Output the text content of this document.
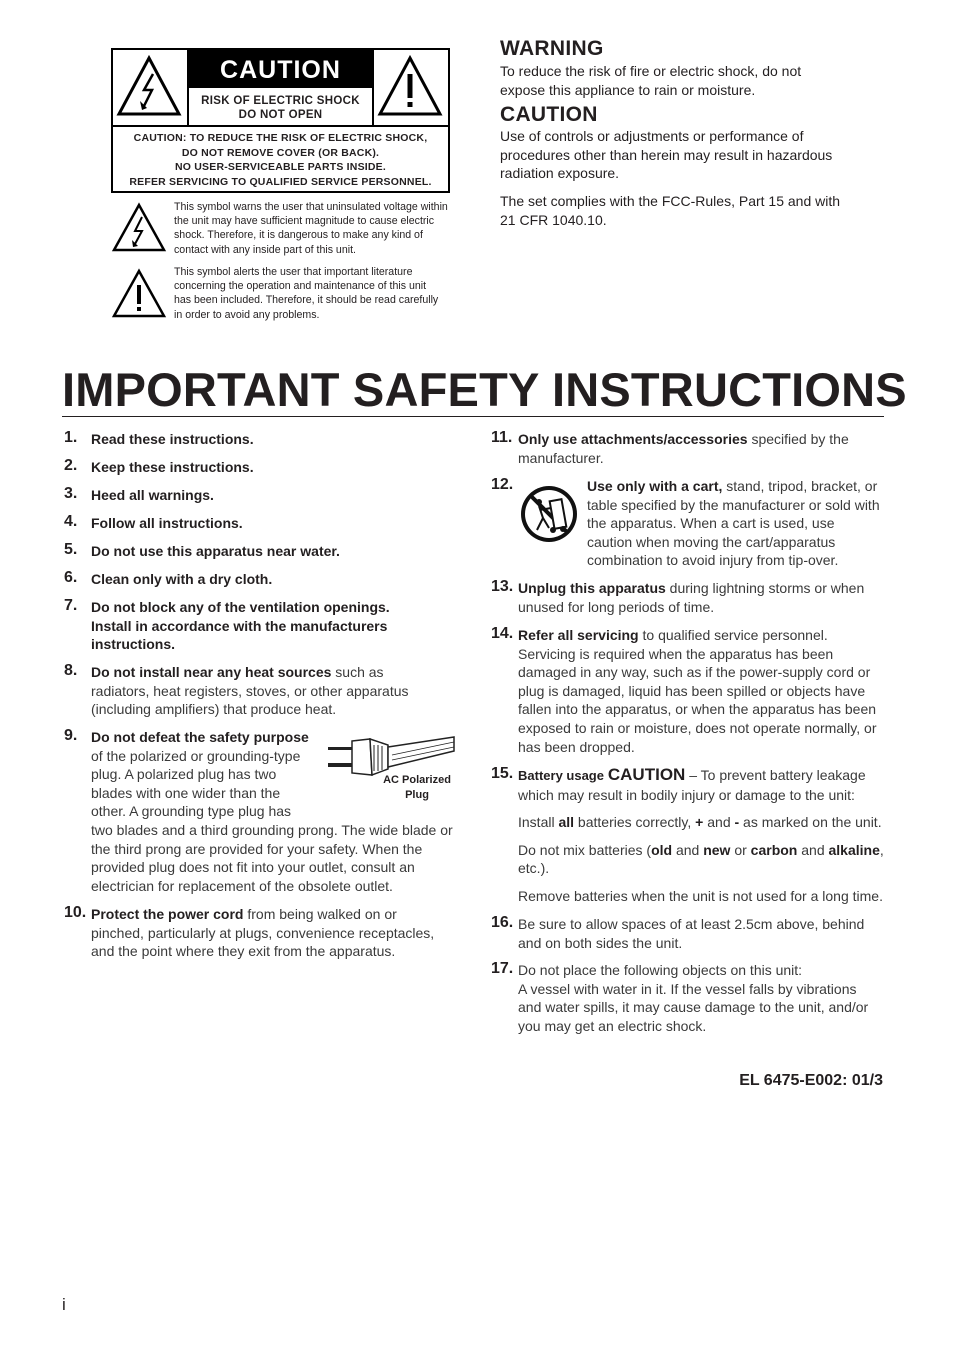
CAUTION
RISK OF ELECTRIC SHOCK
DO NOT OPEN
CAUTION: TO REDUCE THE RISK OF ELECTRIC SHOCK,
DO NOT REMOVE COVER (OR BACK).
NO USER-SERVICEABLE PARTS INSIDE.
REFER SERVICING TO QUALIFIED SERVICE PERSONNEL.
This symbol warns the user that uninsulated voltage within the unit may have sufficient magnitude to cause electric shock. Therefore, it is dangerous to make any kind of contact with any inside part of this unit.
This symbol alerts the user that important literature concerning the operation and maintenance of this unit has been included. Therefore, it should be read carefully in order to avoid any problems.
WARNING
To reduce the risk of fire or electric shock, do not expose this appliance to rain or moisture.
CAUTION
Use of controls or adjustments or performance of procedures other than herein may result in hazardous radiation exposure.
The set complies with the FCC-Rules, Part 15 and with 21 CFR 1040.10.
IMPORTANT SAFETY INSTRUCTIONS
1. Read these instructions.
2. Keep these instructions.
3. Heed all warnings.
4. Follow all instructions.
5. Do not use this apparatus near water.
6. Clean only with a dry cloth.
7. Do not block any of the ventilation openings. Install in accordance with the manufacturers instructions.
8. Do not install near any heat sources such as radiators, heat registers, stoves, or other apparatus (including amplifiers) that produce heat.
9. Do not defeat the safety purpose of the polarized or grounding-type plug. A polarized plug has two blades with one wider than the other. A grounding type plug has two blades and a third grounding prong. The wide blade or the third prong are provided for your safety. When the provided plug does not fit into your outlet, consult an electrician for replacement of the obsolete outlet.
AC Polarized
Plug
10. Protect the power cord from being walked on or pinched, particularly at plugs, convenience receptacles, and the point where they exit from the apparatus.
11. Only use attachments/accessories specified by the manufacturer.
12.	Use only with a cart, stand, tripod, bracket, or table specified by the manufacturer or sold with the apparatus. When a cart is used, use caution when moving the cart/apparatus combination to avoid injury from tip-over.
13. Unplug this apparatus during lightning storms or when unused for long periods of time.
14. Refer all servicing to qualified service personnel. Servicing is required when the apparatus has been damaged in any way, such as if the power-supply cord or plug is damaged, liquid has been spilled or objects have fallen into the apparatus, or when the apparatus has been exposed to rain or moisture, does not operate normally, or has been dropped.
15. Battery usage CAUTION – To prevent battery leakage which may result in bodily injury or damage to the unit:
Install all batteries correctly, + and - as marked on the unit.
Do not mix batteries (old and new or carbon and alkaline, etc.).
Remove batteries when the unit is not used for a long time.
16. Be sure to allow spaces of at least 2.5cm above, behind and on both sides the unit.
17. Do not place the following objects on this unit:
A vessel with water in it. If the vessel falls by vibrations and water spills, it may cause damage to the unit, and/or you may get an electric shock.
EL 6475-E002: 01/3
i
